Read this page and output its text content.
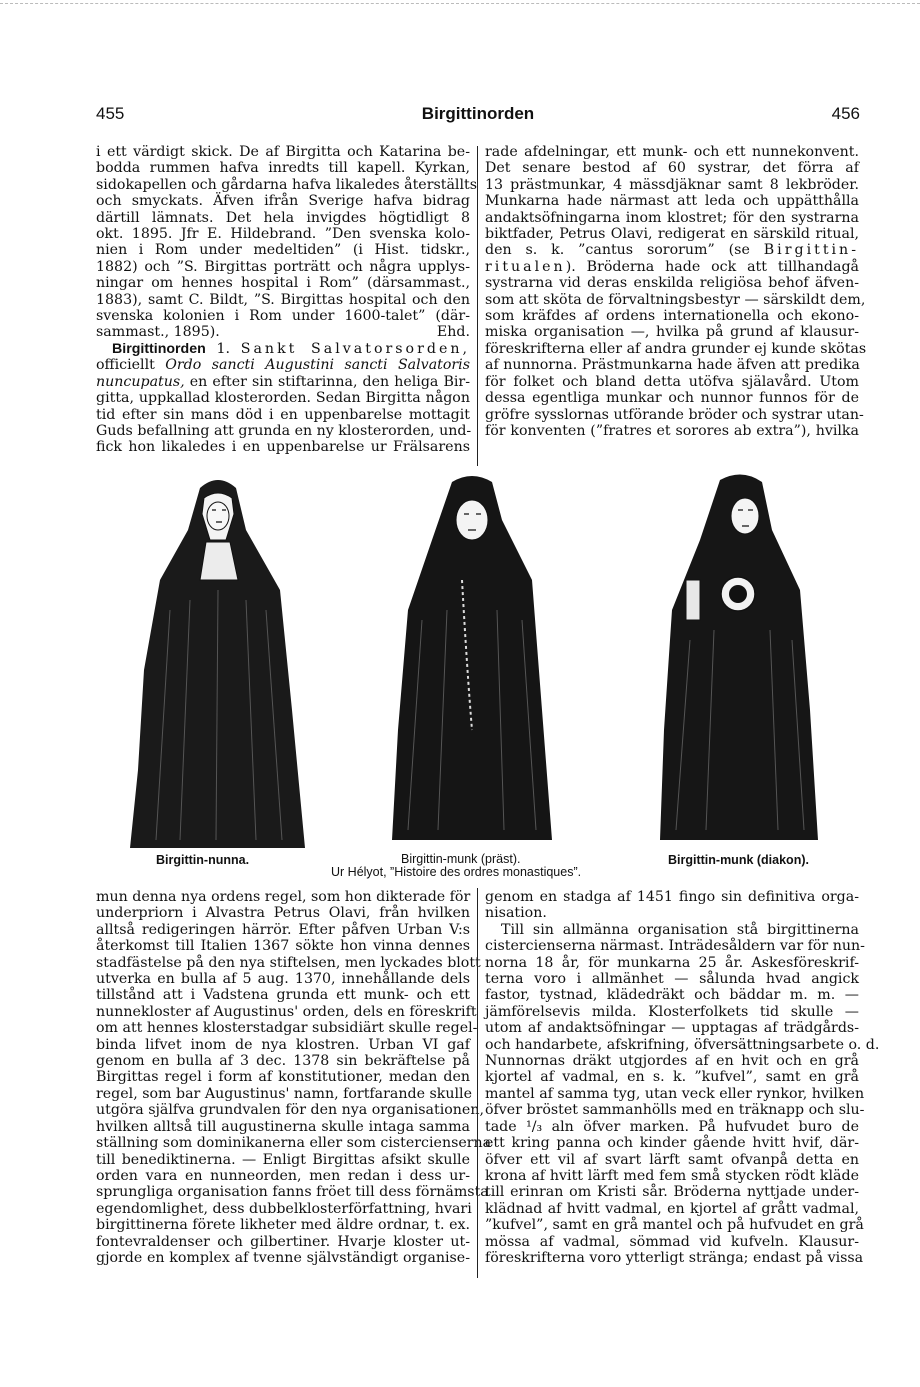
455	Birgittinorden	456

i ett värdigt skick. De af Birgitta och Katarina be-

bodda rummen hafva inredts till kapell. Kyrkan,

sidokapellen och gårdarna hafva likaledes återställts

och smyckats. Äfven ifrån Sverige hafva bidrag

därtill lämnats. Det hela invigdes högtidligt 8

okt. 1895. Jfr E. Hildebrand. ”Den svenska kolo-

nien i Rom under medeltiden” (i Hist. tidskr.,

1882) och ”S. Birgittas porträtt och några upplys-

ningar om hennes hospital i Rom” (därsammast.,

1883), samt C. Bildt, ”S. Birgittas hospital och den

svenska kolonien i Rom under 1600-talet” (där-

sammast., 1895).	Ehd.

Birgittinorden 1. Sankt Salvatorsorden,

officiellt Ordo sancti Augustini sancti Salvatoris

nuncupatus, en efter sin stiftarinna, den heliga Bir-

gitta, uppkallad klosterorden. Sedan Birgitta någon

tid efter sin mans död i en uppenbarelse mottagit

Guds befallning att grunda en ny klosterorden, und-

fick hon likaledes i en uppenbarelse ur Frälsarens

rade afdelningar, ett munk- och ett nunnekonvent.

Det senare bestod af 60 systrar, det förra af

13 prästmunkar, 4 mässdjäknar samt 8 lekbröder.

Munkarna hade närmast att leda och uppätthålla

andaktsöfningarna inom klostret; för den systrarna

biktfader, Petrus Olavi, redigerat en särskild ritual,

den s. k. ”cantus sororum” (se Birgittin-

ritualen). Bröderna hade ock att tillhandagå

systrarna vid deras enskilda religiösa behof äfven-

som att sköta de förvaltningsbestyr — särskildt dem,

som kräfdes af ordens internationella och ekono-

miska organisation —, hvilka på grund af klausur-

föreskrifterna eller af andra grunder ej kunde skötas

af nunnorna. Prästmunkarna hade äfven att predika

för folket och bland detta utöfva själavård. Utom

dessa egentliga munkar och nunnor funnos för de

gröfre sysslornas utförande bröder och systrar utan-

för konventen (”fratres et sorores ab extra”), hvilka

Birgittin-nunna.	Birgittin-munk (präst).	Birgittin-munk (diakon).
Ur Hélyot, ”Histoire des ordres monastiques”.

mun denna nya ordens regel, som hon dikterade för

underpriorn i Alvastra Petrus Olavi, från hvilken

alltså redigeringen härrör. Efter påfven Urban V:s

återkomst till Italien 1367 sökte hon vinna dennes

stadfästelse på den nya stiftelsen, men lyckades blott

utverka en bulla af 5 aug. 1370, innehållande dels

tillstånd att i Vadstena grunda ett munk- och ett

nunnekloster af Augustinus' orden, dels en föreskrift

om att hennes klosterstadgar subsidiärt skulle regel-

binda lifvet inom de nya klostren. Urban VI gaf

genom en bulla af 3 dec. 1378 sin bekräftelse på

Birgittas regel i form af konstitutioner, medan den

regel, som bar Augustinus' namn, fortfarande skulle

utgöra själfva grundvalen för den nya organisationen,

hvilken alltså till augustinerna skulle intaga samma

ställning som dominikanerna eller som cistercienserna

till benediktinerna. — Enligt Birgittas afsikt skulle

orden vara en nunneorden, men redan i dess ur-

sprungliga organisation fanns fröet till dess förnämsta

egendomlighet, dess dubbelklosterförfattning, hvari

birgittinerna förete likheter med äldre ordnar, t. ex.

fontevraldenser och gilbertiner. Hvarje kloster ut-

gjorde en komplex af tvenne självständigt organise-

genom en stadga af 1451 fingo sin definitiva orga-

nisation.

Till sin allmänna organisation stå birgittinerna

cistercienserna närmast. Inträdesåldern var för nun-

norna 18 år, för munkarna 25 år. Askesföreskrif-

terna voro i allmänhet — sålunda hvad angick

fastor, tystnad, klädedräkt och bäddar m. m. —

jämförelsevis milda. Klosterfolkets tid skulle —

utom af andaktsöfningar — upptagas af trädgårds-

och handarbete, afskrifning, öfversättningsarbete o. d.

Nunnornas dräkt utgjordes af en hvit och en grå

kjortel af vadmal, en s. k. ”kufvel”, samt en grå

mantel af samma tyg, utan veck eller rynkor, hvilken

öfver bröstet sammanhölls med en träknapp och slu-

tade ¹/₃ aln öfver marken. På hufvudet buro de

ett kring panna och kinder gående hvitt hvif, där-

öfver ett vil af svart lärft samt ofvanpå detta en

krona af hvitt lärft med fem små stycken rödt kläde

till erinran om Kristi sår. Bröderna nyttjade under-

klädnad af hvitt vadmal, en kjortel af grått vadmal,

”kufvel”, samt en grå mantel och på hufvudet en grå

mössa af vadmal, sömmad vid kufveln. Klausur-

föreskrifterna voro ytterligt stränga; endast på vissa
